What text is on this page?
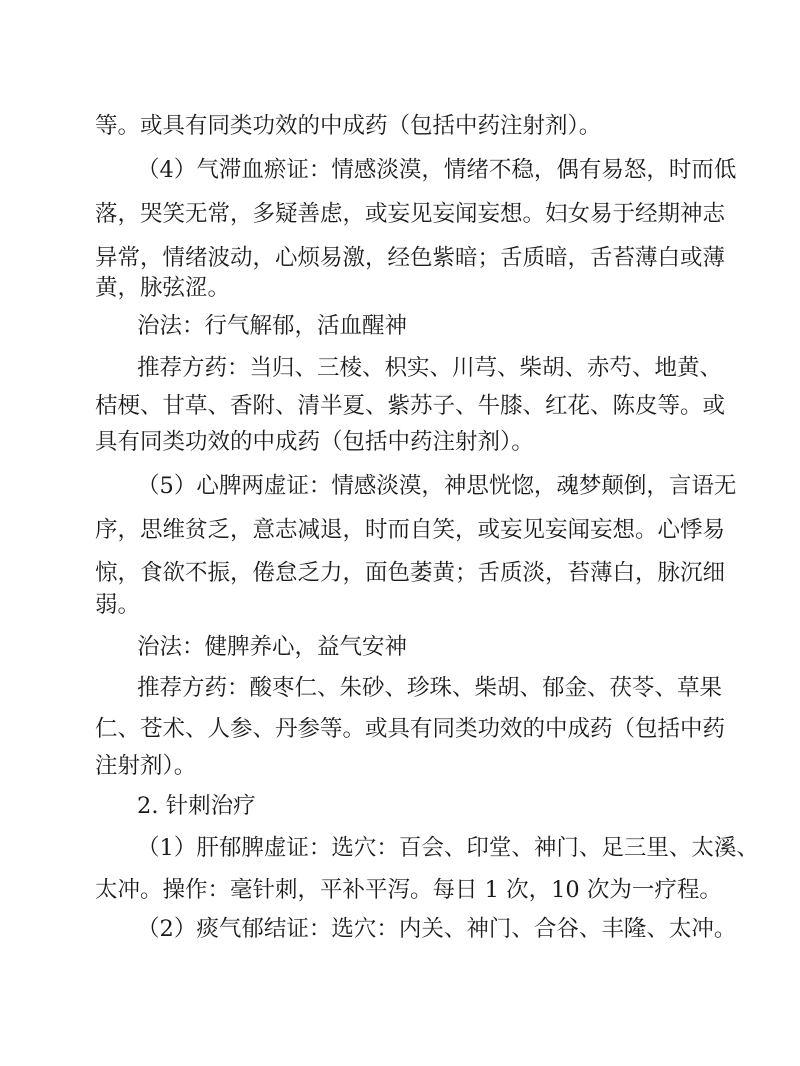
等。或具有同类功效的中成药（包括中药注射剂）。
（4）气滞血瘀证：情感淡漠，情绪不稳，偶有易怒，时而低
落，哭笑无常，多疑善虑，或妄见妄闻妄想。妇女易于经期神志
异常，情绪波动，心烦易激，经色紫暗；舌质暗，舌苔薄白或薄
黄，脉弦涩。
治法：行气解郁，活血醒神
推荐方药：当归、三棱、枳实、川芎、柴胡、赤芍、地黄、
桔梗、甘草、香附、清半夏、紫苏子、牛膝、红花、陈皮等。或
具有同类功效的中成药（包括中药注射剂）。
（5）心脾两虚证：情感淡漠，神思恍惚，魂梦颠倒，言语无
序，思维贫乏，意志减退，时而自笑，或妄见妄闻妄想。心悸易
惊，食欲不振，倦怠乏力，面色萎黄；舌质淡，苔薄白，脉沉细
弱。
治法：健脾养心，益气安神
推荐方药：酸枣仁、朱砂、珍珠、柴胡、郁金、茯苓、草果
仁、苍术、人参、丹参等。或具有同类功效的中成药（包括中药
注射剂）。
2. 针刺治疗
（1）肝郁脾虚证：选穴：百会、印堂、神门、足三里、太溪、
太冲。操作：毫针刺，平补平泻。每日 1 次，10 次为一疗程。
（2）痰气郁结证：选穴：内关、神门、合谷、丰隆、太冲。
